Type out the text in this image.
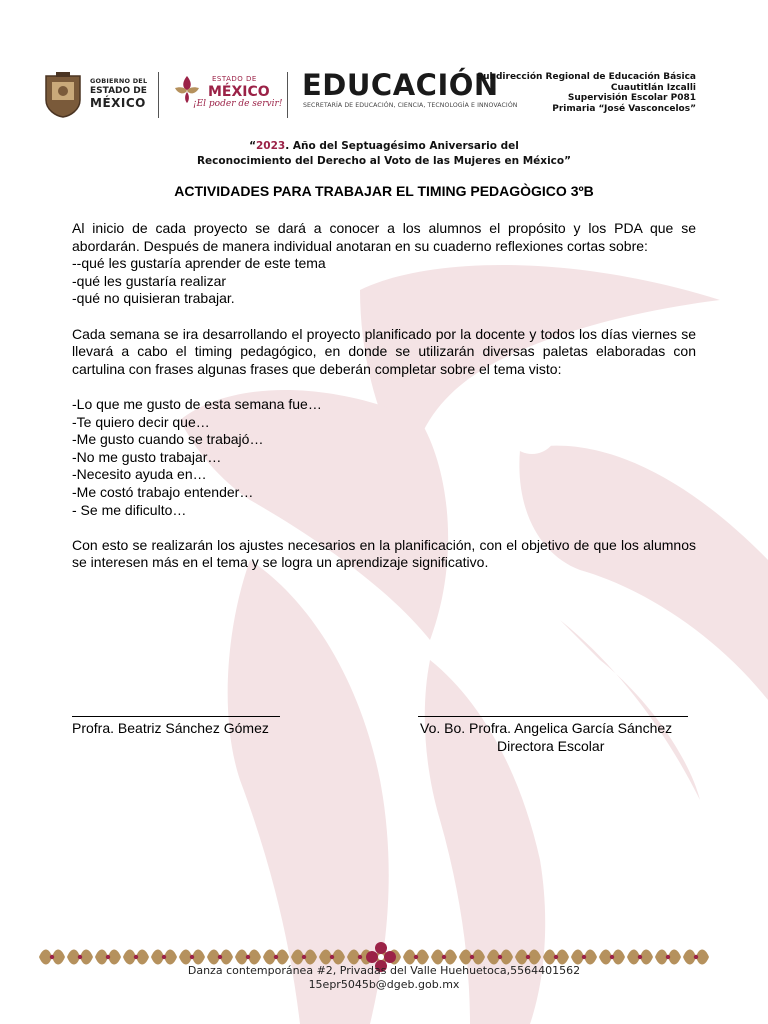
GOBIERNO DEL
ESTADO DE
MÉXICO
ESTADO DE
MÉXICO
¡El poder de servir!
EDUCACIÓN
SECRETARÍA DE EDUCACIÓN, CIENCIA, TECNOLOGÍA E INNOVACIÓN
Subdirección Regional de Educación Básica
Cuautitlán Izcalli
Supervisión Escolar P081
Primaria “José Vasconcelos”
“2023. Año del Septuagésimo Aniversario del
Reconocimiento del Derecho al Voto de las Mujeres en México”
ACTIVIDADES PARA TRABAJAR EL TIMING PEDAGÒGICO 3ºB

Al inicio de cada proyecto se dará a conocer a los alumnos el propósito y los PDA que se abordarán. Después de manera individual anotaran en su cuaderno reflexiones cortas sobre:

--qué les gustaría aprender de este tema

-qué les gustaría realizar

-qué no quisieran trabajar.

Cada semana se ira desarrollando el proyecto planificado por la docente y todos los días viernes se llevará a cabo el timing pedagógico, en donde se utilizarán diversas paletas elaboradas con cartulina con frases algunas frases que deberán completar sobre el tema visto:

-Lo que me gusto de esta semana fue…

-Te quiero decir que…

-Me gusto cuando se trabajó…

-No me gusto trabajar…

-Necesito ayuda en…

-Me costó trabajo entender…

- Se me dificulto…

Con esto se realizarán los ajustes necesarios en la planificación, con el objetivo de que los alumnos se interesen más en el tema y se logra un aprendizaje significativo.

Profra. Beatriz Sánchez Gómez	Vo. Bo. Profra. Angelica García Sánchez
Directora Escolar
Danza contemporánea #2, Privadas del Valle Huehuetoca,5564401562
15epr5045b@dgeb.gob.mx
